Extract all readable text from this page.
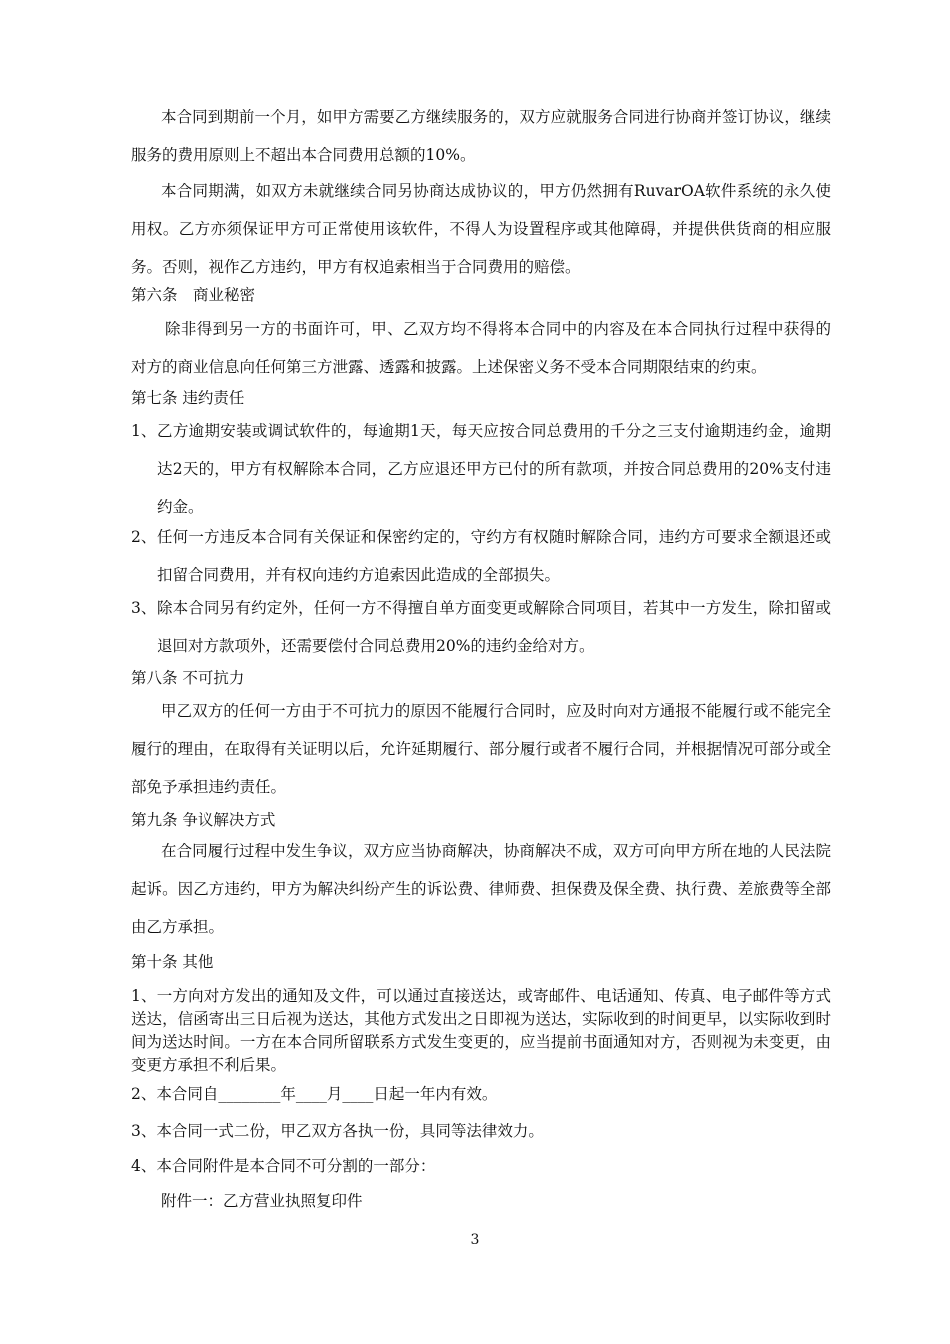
本合同到期前一个月，如甲方需要乙方继续服务的，双方应就服务合同进行协商并签订协议，继续服务的费用原则上不超出本合同费用总额的10%。

本合同期满，如双方未就继续合同另协商达成协议的，甲方仍然拥有RuvarOA软件系统的永久使用权。乙方亦须保证甲方可正常使用该软件，不得人为设置程序或其他障碍，并提供供货商的相应服务。否则，视作乙方违约，甲方有权追索相当于合同费用的赔偿。

第六条　商业秘密

除非得到另一方的书面许可，甲、乙双方均不得将本合同中的内容及在本合同执行过程中获得的对方的商业信息向任何第三方泄露、透露和披露。上述保密义务不受本合同期限结束的约束。

第七条 违约责任

1、 乙方逾期安装或调试软件的，每逾期1天，每天应按合同总费用的千分之三支付逾期违约金，逾期达2天的，甲方有权解除本合同，乙方应退还甲方已付的所有款项，并按合同总费用的20%支付违约金。
2、 任何一方违反本合同有关保证和保密约定的，守约方有权随时解除合同，违约方可要求全额退还或扣留合同费用，并有权向违约方追索因此造成的全部损失。
3、 除本合同另有约定外，任何一方不得擅自单方面变更或解除合同项目，若其中一方发生，除扣留或退回对方款项外，还需要偿付合同总费用20%的违约金给对方。

第八条 不可抗力

甲乙双方的任何一方由于不可抗力的原因不能履行合同时，应及时向对方通报不能履行或不能完全履行的理由，在取得有关证明以后，允许延期履行、部分履行或者不履行合同，并根据情况可部分或全部免予承担违约责任。

第九条 争议解决方式

在合同履行过程中发生争议，双方应当协商解决，协商解决不成，双方可向甲方所在地的人民法院起诉。因乙方违约，甲方为解决纠纷产生的诉讼费、律师费、担保费及保全费、执行费、差旅费等全部由乙方承担。

第十条 其他

1、一方向对方发出的通知及文件，可以通过直接送达，或寄邮件、电话通知、传真、电子邮件等方式送达，信函寄出三日后视为送达，其他方式发出之日即视为送达，实际收到的时间更早，以实际收到时间为送达时间。一方在本合同所留联系方式发生变更的，应当提前书面通知对方，否则视为未变更，由变更方承担不利后果。

2、本合同自________年____月____日起一年内有效。

3、本合同一式二份，甲乙双方各执一份，具同等法律效力。

4、本合同附件是本合同不可分割的一部分：

附件一：乙方营业执照复印件

3
